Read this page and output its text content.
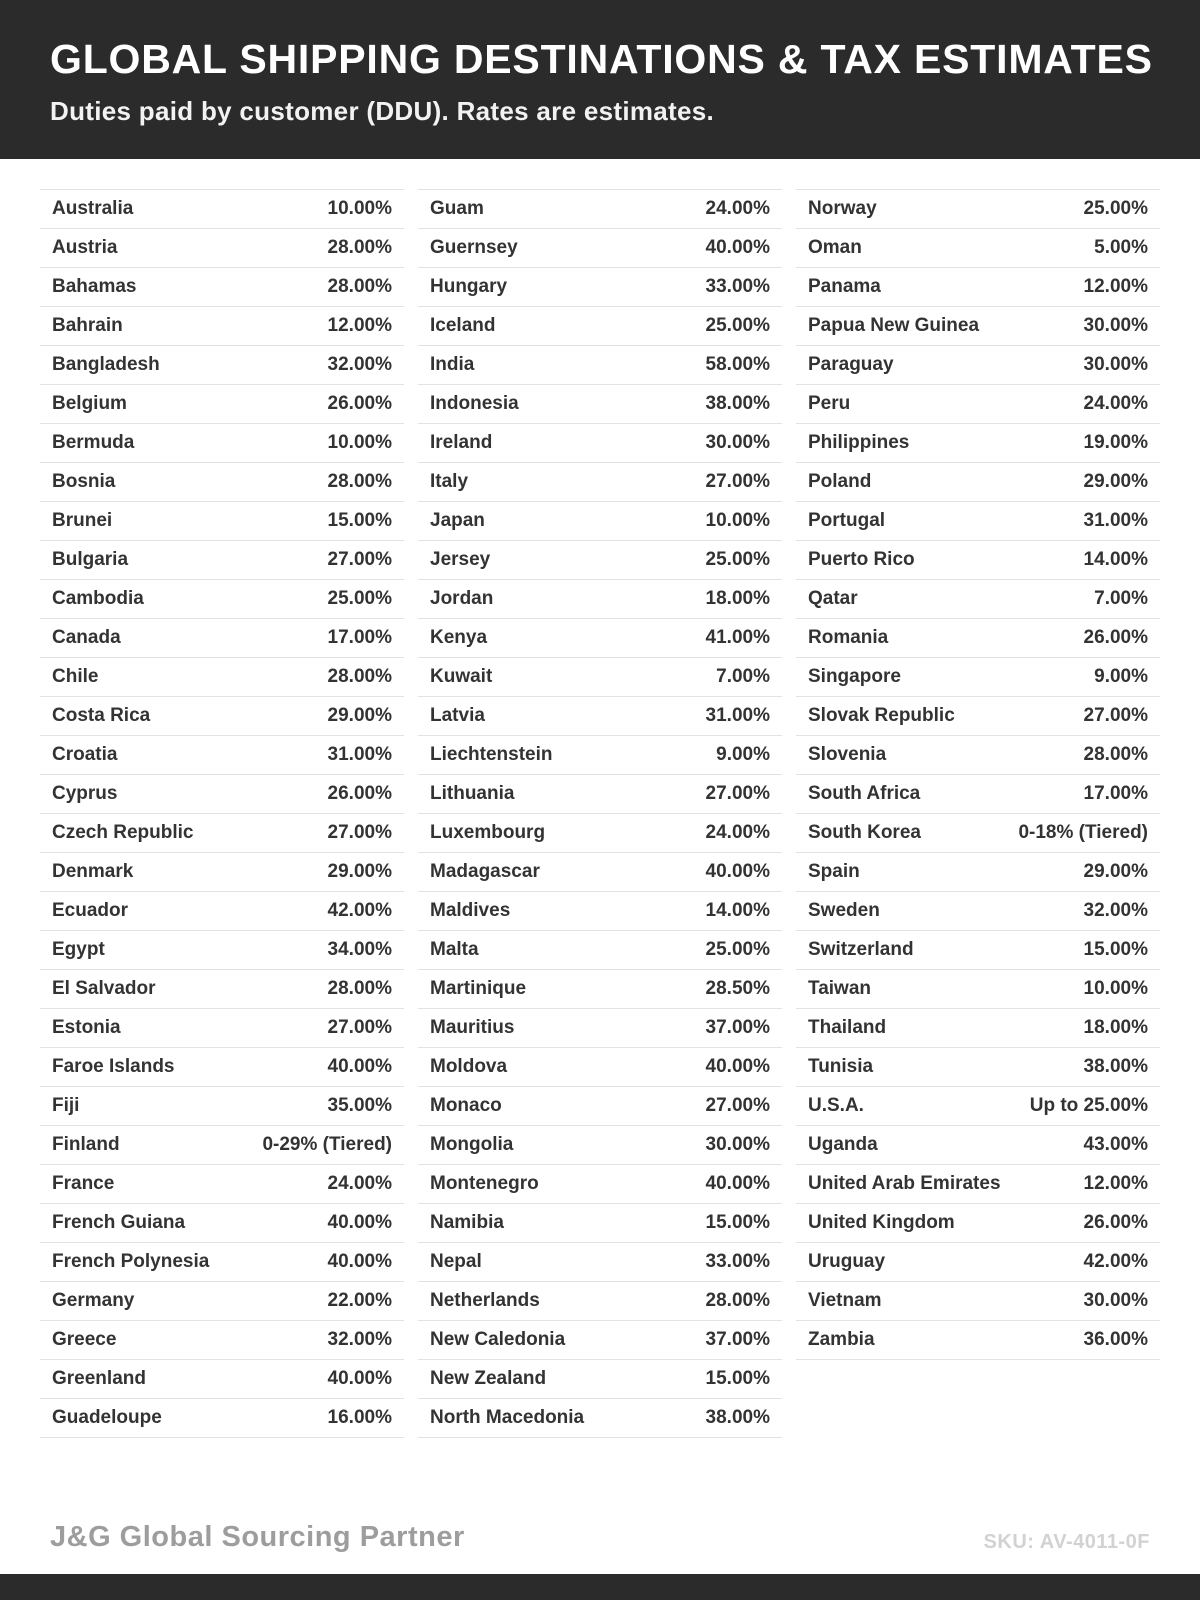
GLOBAL SHIPPING DESTINATIONS & TAX ESTIMATES

Duties paid by customer (DDU). Rates are estimates.

Australia	10.00%
Austria	28.00%
Bahamas	28.00%
Bahrain	12.00%
Bangladesh	32.00%
Belgium	26.00%
Bermuda	10.00%
Bosnia	28.00%
Brunei	15.00%
Bulgaria	27.00%
Cambodia	25.00%
Canada	17.00%
Chile	28.00%
Costa Rica	29.00%
Croatia	31.00%
Cyprus	26.00%
Czech Republic	27.00%
Denmark	29.00%
Ecuador	42.00%
Egypt	34.00%
El Salvador	28.00%
Estonia	27.00%
Faroe Islands	40.00%
Fiji	35.00%
Finland	0-29% (Tiered)
France	24.00%
French Guiana	40.00%
French Polynesia	40.00%
Germany	22.00%
Greece	32.00%
Greenland	40.00%
Guadeloupe	16.00%
Guam	24.00%
Guernsey	40.00%
Hungary	33.00%
Iceland	25.00%
India	58.00%
Indonesia	38.00%
Ireland	30.00%
Italy	27.00%
Japan	10.00%
Jersey	25.00%
Jordan	18.00%
Kenya	41.00%
Kuwait	7.00%
Latvia	31.00%
Liechtenstein	9.00%
Lithuania	27.00%
Luxembourg	24.00%
Madagascar	40.00%
Maldives	14.00%
Malta	25.00%
Martinique	28.50%
Mauritius	37.00%
Moldova	40.00%
Monaco	27.00%
Mongolia	30.00%
Montenegro	40.00%
Namibia	15.00%
Nepal	33.00%
Netherlands	28.00%
New Caledonia	37.00%
New Zealand	15.00%
North Macedonia	38.00%
Norway	25.00%
Oman	5.00%
Panama	12.00%
Papua New Guinea	30.00%
Paraguay	30.00%
Peru	24.00%
Philippines	19.00%
Poland	29.00%
Portugal	31.00%
Puerto Rico	14.00%
Qatar	7.00%
Romania	26.00%
Singapore	9.00%
Slovak Republic	27.00%
Slovenia	28.00%
South Africa	17.00%
South Korea	0-18% (Tiered)
Spain	29.00%
Sweden	32.00%
Switzerland	15.00%
Taiwan	10.00%
Thailand	18.00%
Tunisia	38.00%
U.S.A.	Up to 25.00%
Uganda	43.00%
United Arab Emirates	12.00%
United Kingdom	26.00%
Uruguay	42.00%
Vietnam	30.00%
Zambia	36.00%
J&G Global Sourcing Partner	SKU: AV-4011-0F
